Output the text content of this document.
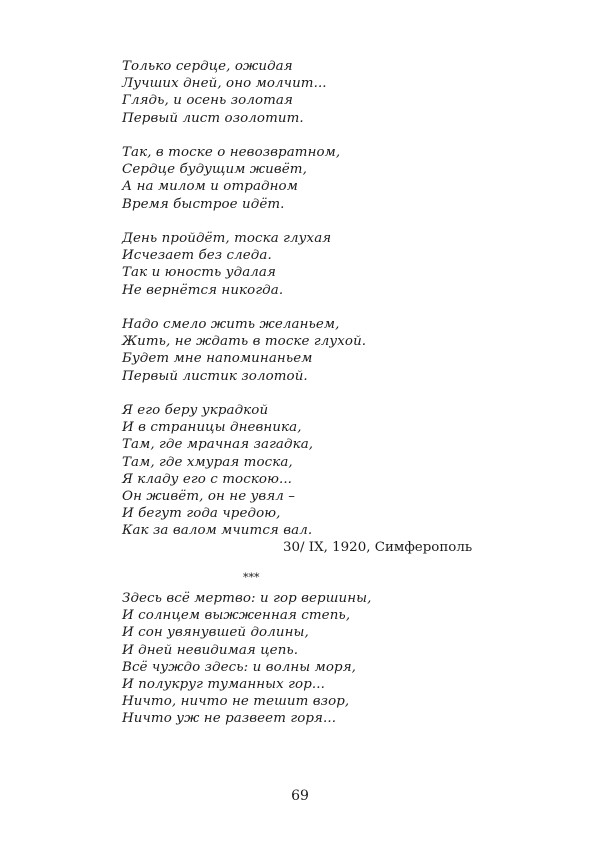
Только сердце, ожидая
Лучших дней, оно молчит...
Глядь, и осень золотая
Первый лист озолотит.
Так, в тоске о невозвратном,
Сердце будущим живёт,
А на милом и отрадном
Время быстрое идёт.
День пройдёт, тоска глухая
Исчезает без следа.
Так и юность удалая
Не вернётся никогда.
Надо смело жить желаньем,
Жить, не ждать в тоске глухой.
Будет мне напоминаньем
Первый листик золотой.
Я его беру украдкой
И в страницы дневника,
Там, где мрачная загадка,
Там, где хмурая тоска,
Я кладу его с тоскою...
Он живёт, он не увял –
И бегут года чредою,
Как за валом мчится вал.
30/ IX, 1920, Симферополь
***
Здесь всё мертво: и гор вершины,
И солнцем выжженная степь,
И сон увянувшей долины,
И дней невидимая цепь.
Всё чуждо здесь: и волны моря,
И полукруг туманных гор...
Ничто, ничто не тешит взор,
Ничто уж не развеет горя...
69
